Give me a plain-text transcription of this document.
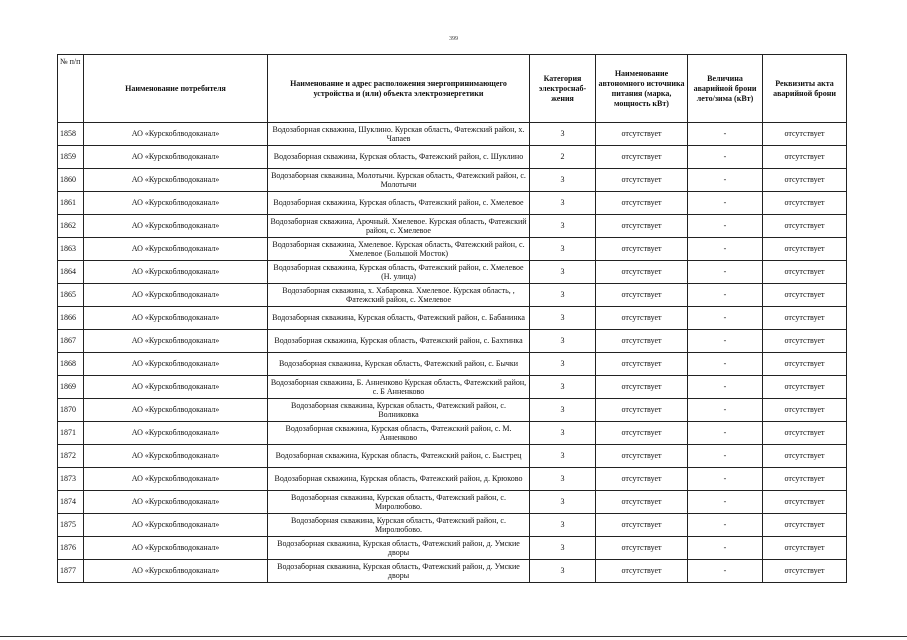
399
№ п/п	Наименование потребителя	Наименование и адрес расположения энергопринимающего устройства и (или) объекта электроэнергетики	Категория электроснаб-жения	Наименование автономного источника питания (марка, мощность кВт)	Величина аварийной брони лето/зима (кВт)	Реквизиты акта аварийной брони
1858	АО «Курскоблводоканал»	Водозаборная скважина, Шуклино. Курская область, Фатежский район, х. Чапаев	3	отсутствует	-	отсутствует
1859	АО «Курскоблводоканал»	Водозаборная скважина, Курская область, Фатежский район, с. Шуклино	2	отсутствует	-	отсутствует
1860	АО «Курскоблводоканал»	Водозаборная скважина, Молотычи. Курская область, Фатежский район, с. Молотычи	3	отсутствует	-	отсутствует
1861	АО «Курскоблводоканал»	Водозаборная скважина, Курская область, Фатежский район, с. Хмелевое	3	отсутствует	-	отсутствует
1862	АО «Курскоблводоканал»	Водозаборная скважина, Арочный. Хмелевое. Курская область, Фатежский район, с. Хмелевое	3	отсутствует	-	отсутствует
1863	АО «Курскоблводоканал»	Водозаборная скважина, Хмелевое. Курская область, Фатежский район, с. Хмелевое (Большой Мосток)	3	отсутствует	-	отсутствует
1864	АО «Курскоблводоканал»	Водозаборная скважина, Курская область, Фатежский район, с. Хмелевое (Н. улица)	3	отсутствует	-	отсутствует
1865	АО «Курскоблводоканал»	Водозаборная скважина, х. Хабаровка. Хмелевое. Курская область, , Фатежский район, с. Хмелевое	3	отсутствует	-	отсутствует
1866	АО «Курскоблводоканал»	Водозаборная скважина, Курская область, Фатежский район, с. Бабанинка	3	отсутствует	-	отсутствует
1867	АО «Курскоблводоканал»	Водозаборная скважина, Курская область, Фатежский район, с. Бахтинка	3	отсутствует	-	отсутствует
1868	АО «Курскоблводоканал»	Водозаборная скважина, Курская область, Фатежский район, с. Бычки	3	отсутствует	-	отсутствует
1869	АО «Курскоблводоканал»	Водозаборная скважина, Б. Анненково Курская область, Фатежский район, с. Б Анненково	3	отсутствует	-	отсутствует
1870	АО «Курскоблводоканал»	Водозаборная скважина, Курская область, Фатежский район, с. Волниковка	3	отсутствует	-	отсутствует
1871	АО «Курскоблводоканал»	Водозаборная скважина, Курская область, Фатежский район, с. М. Анненково	3	отсутствует	-	отсутствует
1872	АО «Курскоблводоканал»	Водозаборная скважина, Курская область, Фатежский район, с. Быстрец	3	отсутствует	-	отсутствует
1873	АО «Курскоблводоканал»	Водозаборная скважина, Курская область, Фатежский район, д. Крюково	3	отсутствует	-	отсутствует
1874	АО «Курскоблводоканал»	Водозаборная скважина, Курская область, Фатежский район, с. Миролюбово.	3	отсутствует	-	отсутствует
1875	АО «Курскоблводоканал»	Водозаборная скважина, Курская область, Фатежский район, с. Миролюбово.	3	отсутствует	-	отсутствует
1876	АО «Курскоблводоканал»	Водозаборная скважина, Курская область, Фатежский район, д. Умские дворы	3	отсутствует	-	отсутствует
1877	АО «Курскоблводоканал»	Водозаборная скважина, Курская область, Фатежский район, д. Умские дворы	3	отсутствует	-	отсутствует
